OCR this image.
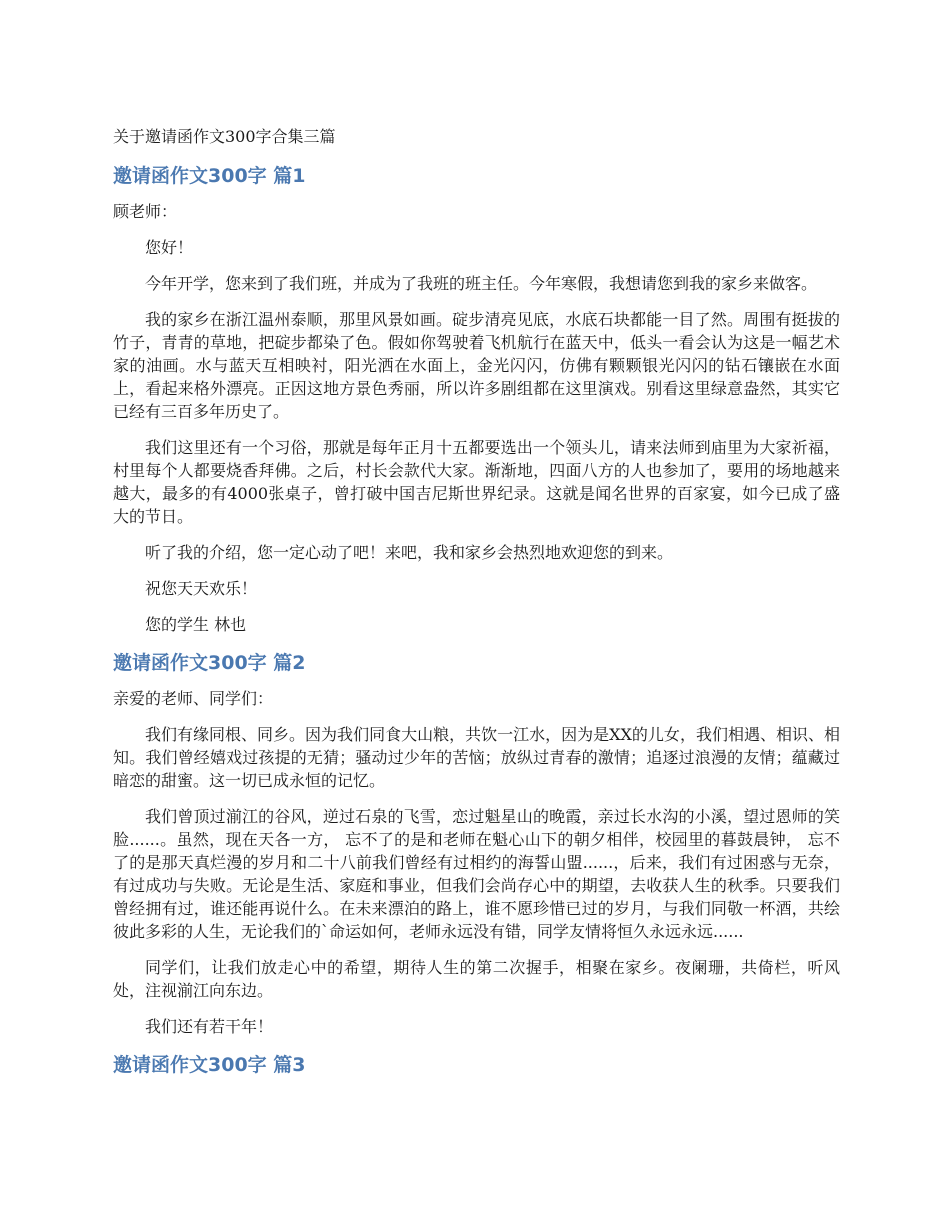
关于邀请函作文300字合集三篇
邀请函作文300字 篇1
顾老师：

您好！

今年开学，您来到了我们班，并成为了我班的班主任。今年寒假，我想请您到我的家乡来做客。

我的家乡在浙江温州泰顺，那里风景如画。碇步清亮见底，水底石块都能一目了然。周围有挺拔的竹子，青青的草地，把碇步都染了色。假如你驾驶着飞机航行在蓝天中，低头一看会认为这是一幅艺术家的油画。水与蓝天互相映衬，阳光洒在水面上，金光闪闪，仿佛有颗颗银光闪闪的钻石镶嵌在水面上，看起来格外漂亮。正因这地方景色秀丽，所以许多剧组都在这里演戏。别看这里绿意盎然，其实它已经有三百多年历史了。

我们这里还有一个习俗，那就是每年正月十五都要选出一个领头儿，请来法师到庙里为大家祈福，村里每个人都要烧香拜佛。之后，村长会款代大家。渐渐地，四面八方的人也参加了，要用的场地越来越大，最多的有4000张桌子，曾打破中国吉尼斯世界纪录。这就是闻名世界的百家宴，如今已成了盛大的节日。

听了我的介绍，您一定心动了吧！来吧，我和家乡会热烈地欢迎您的到来。

祝您天天欢乐！

您的学生 林也

邀请函作文300字 篇2
亲爱的老师、同学们：

我们有缘同根、同乡。因为我们同食大山粮，共饮一江水，因为是XX的儿女，我们相遇、相识、相知。我们曾经嬉戏过孩提的无猜；骚动过少年的苦恼；放纵过青春的激情；追逐过浪漫的友情；蕴藏过暗恋的甜蜜。这一切已成永恒的记忆。

我们曾顶过湔江的谷风，逆过石泉的飞雪，恋过魁星山的晚霞，亲过长水沟的小溪，望过恩师的笑脸......。虽然，现在天各一方， 忘不了的是和老师在魁心山下的朝夕相伴，校园里的暮鼓晨钟， 忘不了的是那天真烂漫的岁月和二十八前我们曾经有过相约的海誓山盟......，后来，我们有过困惑与无奈，有过成功与失败。无论是生活、家庭和事业，但我们会尚存心中的期望，去收获人生的秋季。只要我们曾经拥有过，谁还能再说什么。在未来漂泊的路上，谁不愿珍惜已过的岁月，与我们同敬一杯酒，共绘彼此多彩的人生，无论我们的`命运如何，老师永远没有错，同学友情将恒久永远永远......

同学们，让我们放走心中的希望，期待人生的第二次握手，相聚在家乡。夜阑珊，共倚栏，听风处，注视湔江向东边。

我们还有若干年！

邀请函作文300字 篇3
